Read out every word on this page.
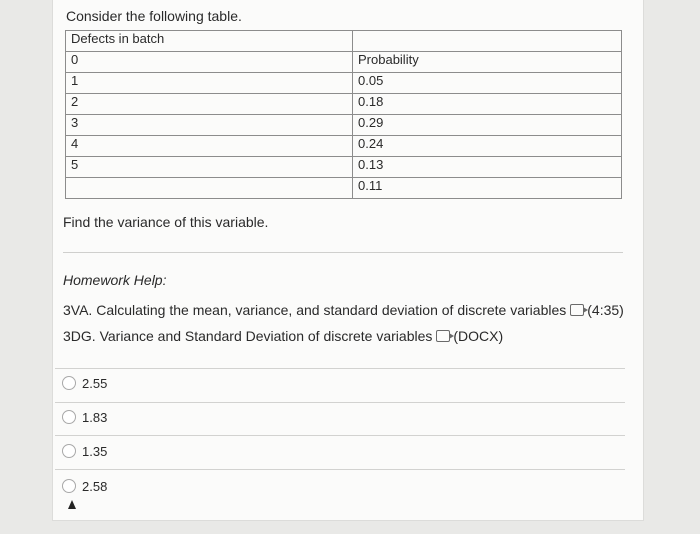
Consider the following table.
Defects in batch	
0	Probability
1	0.05
2	0.18
3	0.29
4	0.24
5	0.13
	0.11
Find the variance of this variable.
Homework Help:
3VA. Calculating the mean, variance, and standard deviation of discrete variables (4:35)
3DG. Variance and Standard Deviation of discrete variables (DOCX)
2.55
1.83
1.35
2.58
